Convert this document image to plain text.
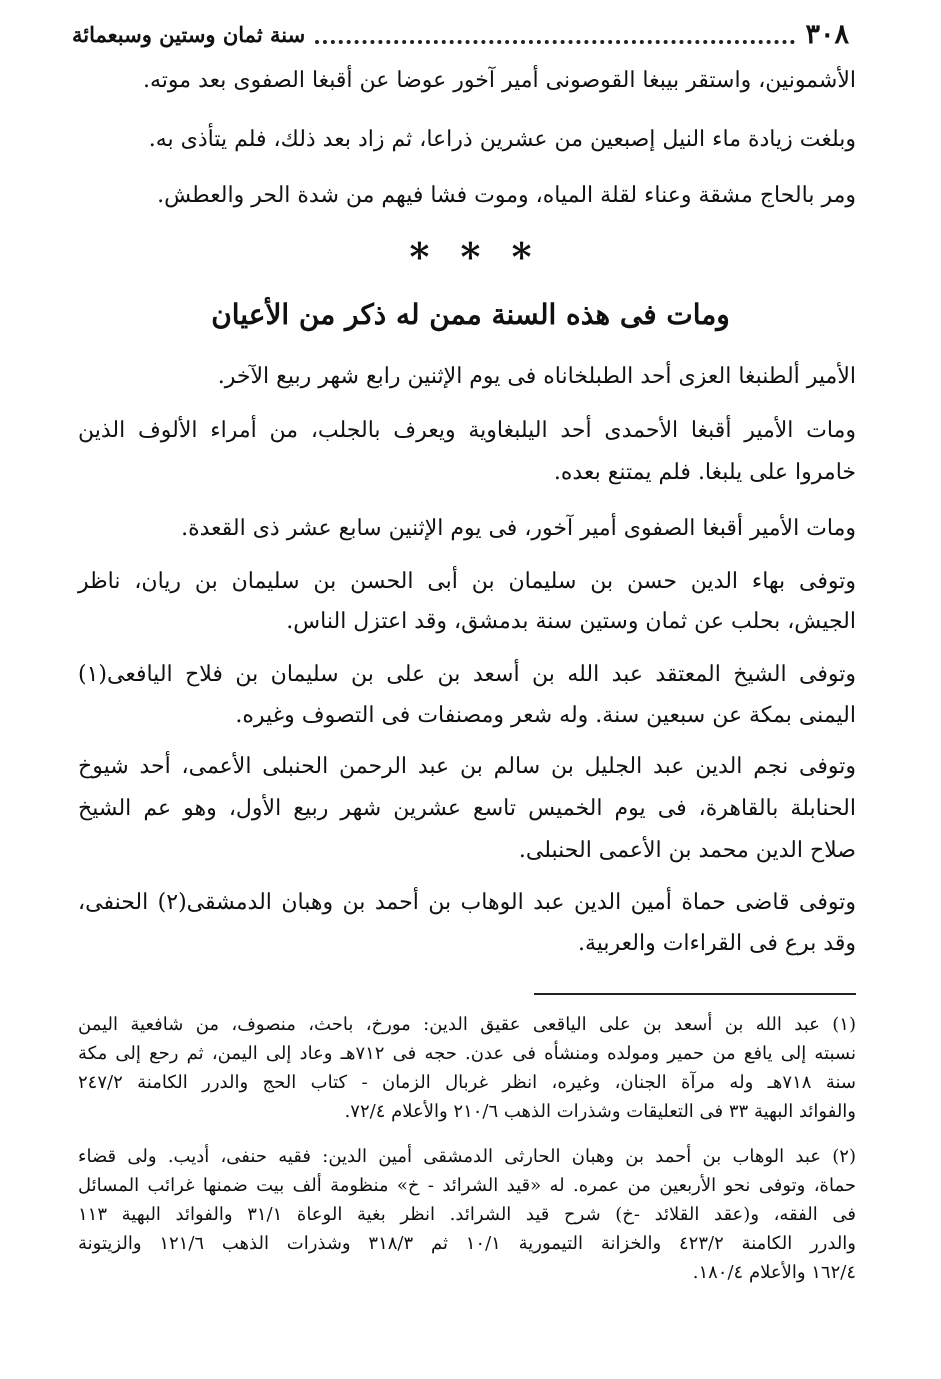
٣٠٨
سنة ثمان وستين وسبعمائة
الأشمونين، واستقر بيبغا القوصونى أمير آخور عوضا عن أقبغا الصفوى بعد موته.
وبلغت زيادة ماء النيل إصبعين من عشرين ذراعا، ثم زاد بعد ذلك، فلم يتأذى به.
ومر بالحاج مشقة وعناء لقلة المياه، وموت فشا فيهم من شدة الحر والعطش.
* * *
ومات فى هذه السنة ممن له ذكر من الأعيان
الأمير ألطنبغا العزى أحد الطبلخاناه فى يوم الإثنين رابع شهر ربيع الآخر.
ومات الأمير أقبغا الأحمدى أحد اليلبغاوية ويعرف بالجلب، من أمراء الألوف الذين
خامروا على يلبغا. فلم يمتنع بعده.
ومات الأمير أقبغا الصفوى أمير آخور، فى يوم الإثنين سابع عشر ذى القعدة.
وتوفى بهاء الدين حسن بن سليمان بن أبى الحسن بن سليمان بن ريان، ناظر
الجيش، بحلب عن ثمان وستين سنة بدمشق، وقد اعتزل الناس.
وتوفى الشيخ المعتقد عبد الله بن أسعد بن على بن سليمان بن فلاح اليافعى(١)
اليمنى بمكة عن سبعين سنة. وله شعر ومصنفات فى التصوف وغيره.
وتوفى نجم الدين عبد الجليل بن سالم بن عبد الرحمن الحنبلى الأعمى، أحد شيوخ
الحنابلة بالقاهرة، فى يوم الخميس تاسع عشرين شهر ربيع الأول، وهو عم الشيخ
صلاح الدين محمد بن الأعمى الحنبلى.
وتوفى قاضى حماة أمين الدين عبد الوهاب بن أحمد بن وهبان الدمشقى(٢) الحنفى،
وقد برع فى القراءات والعربية.
(١) عبد الله بن أسعد بن على الياقعى عقيق الدين: مورخ، باحث، منصوف، من شافعية اليمن
نسبته إلى يافع من حمير ومولده ومنشأه فى عدن. حجه فى ٧١٢هـ وعاد إلى اليمن، ثم رحع إلى مكة
سنة ٧١٨هـ وله مرآة الجنان، وغيره، انظر غربال الزمان - كتاب الحج والدرر الكامنة ٢٤٧/٢
والفوائد البهية ٣٣ فى التعليقات وشذرات الذهب ٢١٠/٦ والأعلام ٧٢/٤.
(٢) عبد الوهاب بن أحمد بن وهبان الحارثى الدمشقى أمين الدين: فقيه حنفى، أديب. ولى قضاء
حماة، وتوفى نحو الأربعين من عمره. له «قيد الشرائد - خ» منظومة ألف بيت ضمنها غرائب المسائل
فى الفقه، و(عقد القلائد -خ) شرح قيد الشرائد. انظر بغية الوعاة ٣١/١ والفوائد البهية ١١٣
والدرر الكامنة ٤٢٣/٢ والخزانة التيمورية ١٠/١ ثم ٣١٨/٣ وشذرات الذهب ١٢١/٦ والزيتونة
١٦٢/٤ والأعلام ١٨٠/٤.
